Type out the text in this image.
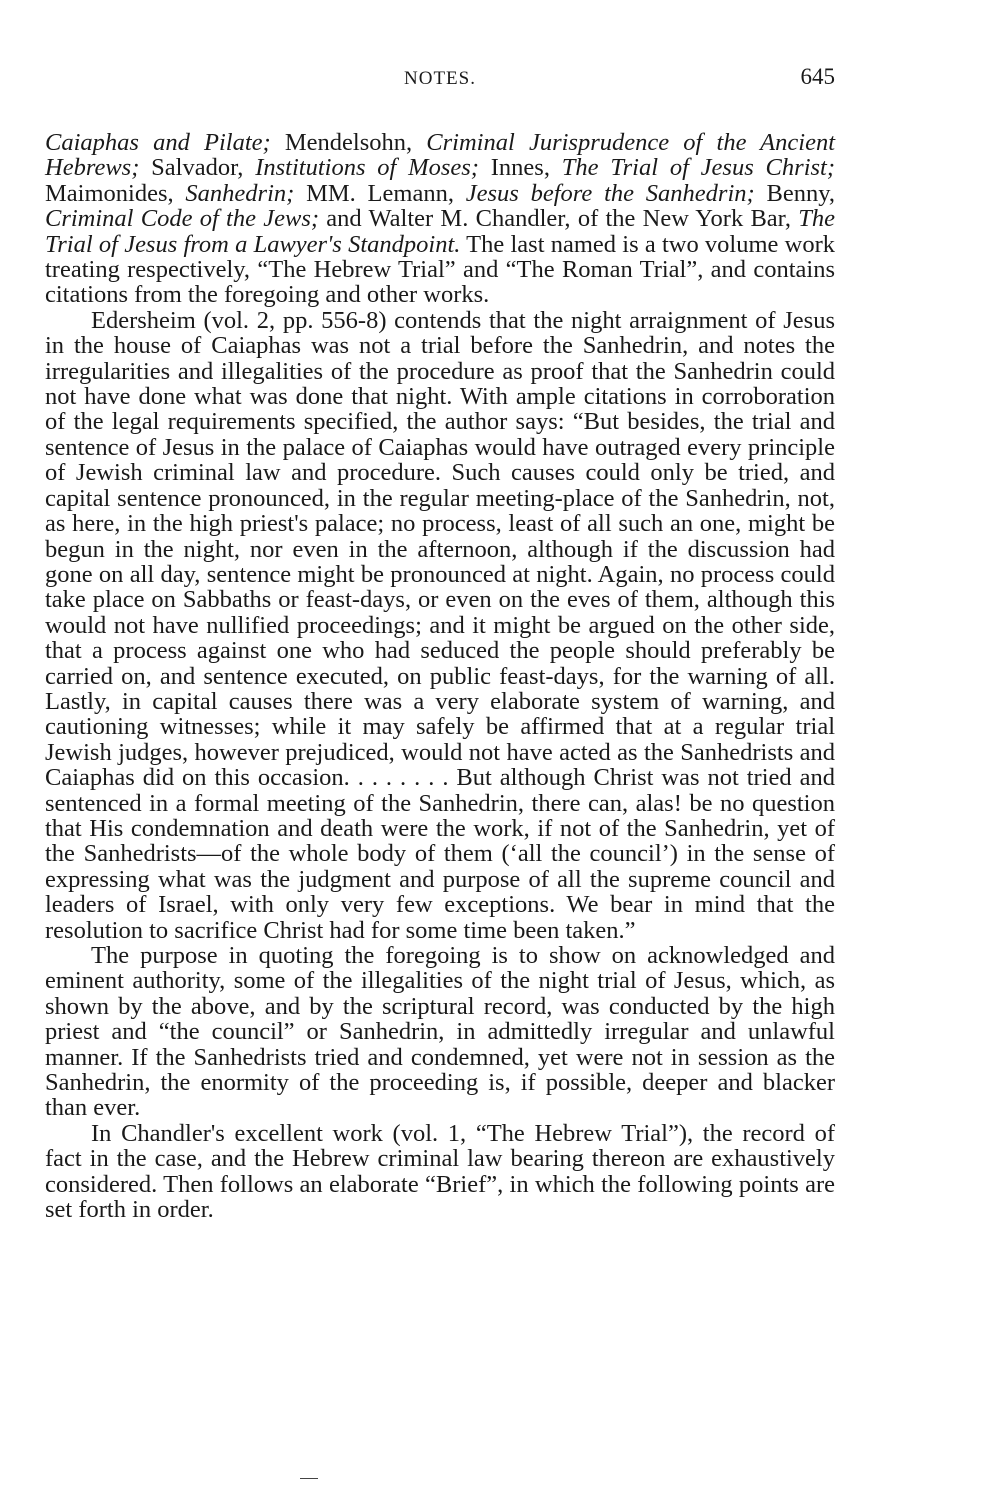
NOTES.	645

Caiaphas and Pilate; Mendelsohn, Criminal Jurisprudence of the Ancient Hebrews; Salvador, Institutions of Moses; Innes, The Trial of Jesus Christ; Maimonides, Sanhedrin; MM. Lemann, Jesus before the Sanhedrin; Benny, Criminal Code of the Jews; and Walter M. Chandler, of the New York Bar, The Trial of Jesus from a Lawyer's Standpoint. The last named is a two volume work treating respectively, “The Hebrew Trial” and “The Roman Trial”, and contains citations from the foregoing and other works.

Edersheim (vol. 2, pp. 556-8) contends that the night arraignment of Jesus in the house of Caiaphas was not a trial before the Sanhedrin, and notes the irregularities and illegalities of the procedure as proof that the Sanhedrin could not have done what was done that night. With ample citations in corroboration of the legal requirements specified, the author says: “But besides, the trial and sentence of Jesus in the palace of Caiaphas would have outraged every principle of Jewish criminal law and procedure. Such causes could only be tried, and capital sentence pronounced, in the regular meeting-place of the Sanhedrin, not, as here, in the high priest's palace; no process, least of all such an one, might be begun in the night, nor even in the afternoon, although if the discussion had gone on all day, sentence might be pronounced at night. Again, no process could take place on Sabbaths or feast-days, or even on the eves of them, although this would not have nullified proceedings; and it might be argued on the other side, that a process against one who had seduced the people should preferably be carried on, and sentence executed, on public feast-days, for the warning of all. Lastly, in capital causes there was a very elaborate system of warning, and cautioning witnesses; while it may safely be affirmed that at a regular trial Jewish judges, however prejudiced, would not have acted as the Sanhedrists and Caiaphas did on this occasion. . . . . . . . But although Christ was not tried and sentenced in a formal meeting of the Sanhedrin, there can, alas! be no question that His condemnation and death were the work, if not of the Sanhedrin, yet of the Sanhedrists—of the whole body of them (‘all the council’) in the sense of expressing what was the judgment and purpose of all the supreme council and leaders of Israel, with only very few exceptions. We bear in mind that the resolution to sacrifice Christ had for some time been taken.”

The purpose in quoting the foregoing is to show on acknowledged and eminent authority, some of the illegalities of the night trial of Jesus, which, as shown by the above, and by the scriptural record, was conducted by the high priest and “the council” or Sanhedrin, in admittedly irregular and unlawful manner. If the Sanhedrists tried and condemned, yet were not in session as the Sanhedrin, the enormity of the proceeding is, if possible, deeper and blacker than ever.

In Chandler's excellent work (vol. 1, “The Hebrew Trial”), the record of fact in the case, and the Hebrew criminal law bearing thereon are exhaustively considered. Then follows an elaborate “Brief”, in which the following points are set forth in order.
